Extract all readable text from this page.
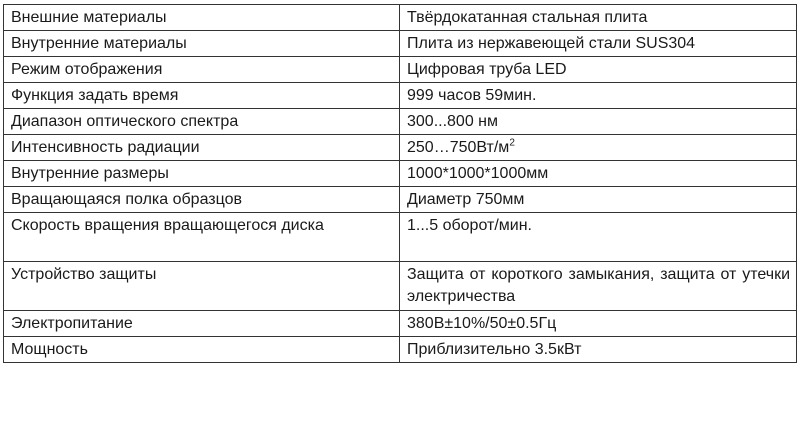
Внешние материалы	Твёрдокатанная стальная плита

Внутренние материалы	Плита из нержавеющей стали SUS304

Режим отображения	Цифровая труба LED

Функция задать время	999 часов 59мин.

Диапазон оптического спектра	300...800 нм

Интенсивность радиации	$250\dots 750Вт/м^2$

Внутренние размеры	1000*1000*1000мм

Вращающаяся полка образцов	Диаметр 750мм

Скорость вращения вращающегося диска	1...5 оборот/мин.

Устройство защиты	Защита от короткого замыкания, защита от утечки электричества

Электропитание	380В±10%/50±0.5Гц

Мощность	Приблизительно 3.5кВт
